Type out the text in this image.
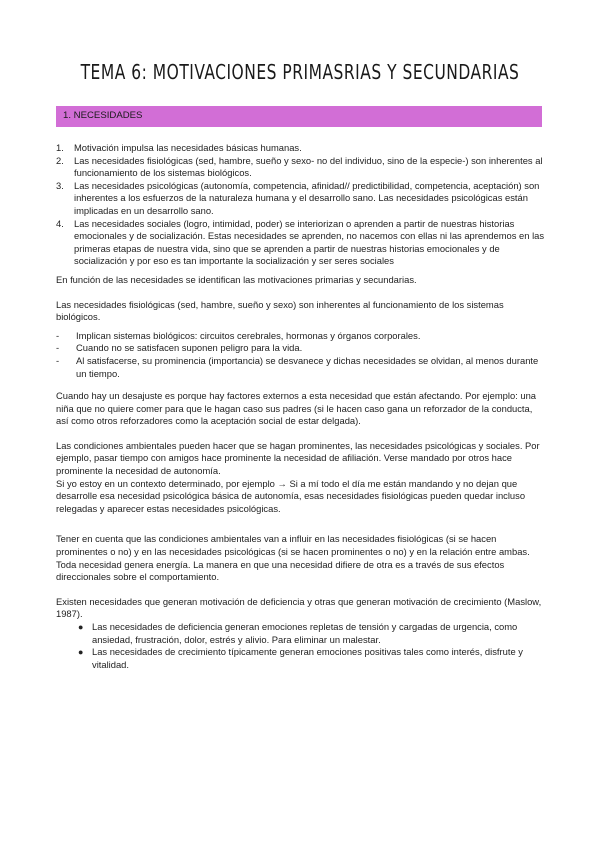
TEMA 6: MOTIVACIONES PRIMASRIAS Y SECUNDARIAS
1. NECESIDADES
1. Motivación impulsa las necesidades básicas humanas.
2. Las necesidades fisiológicas (sed, hambre, sueño y sexo- no del individuo, sino de la especie-) son inherentes al funcionamiento de los sistemas biológicos.
3. Las necesidades psicológicas (autonomía, competencia, afinidad// predictibilidad, competencia, aceptación) son inherentes a los esfuerzos de la naturaleza humana y el desarrollo sano. Las necesidades psicológicas están implicadas en un desarrollo sano.
4. Las necesidades sociales (logro, intimidad, poder) se interiorizan o aprenden a partir de nuestras historias emocionales y de socialización. Estas necesidades se aprenden, no nacemos con ellas ni las aprendemos en las primeras etapas de nuestra vida, sino que se aprenden a partir de nuestras historias emocionales y de socialización y por eso es tan importante la socialización y ser seres sociales

En función de las necesidades se identifican las motivaciones primarias y secundarias.

Las necesidades fisiológicas (sed, hambre, sueño y sexo) son inherentes al funcionamiento de los sistemas biológicos.

- Implican sistemas biológicos: circuitos cerebrales, hormonas y órganos corporales.
- Cuando no se satisfacen suponen peligro para la vida.
- Al satisfacerse, su prominencia (importancia) se desvanece y dichas necesidades se olvidan, al menos durante un tiempo.

Cuando hay un desajuste es porque hay factores externos a esta necesidad que están afectando. Por ejemplo: una niña que no quiere comer para que le hagan caso sus padres (si le hacen caso gana un reforzador de la conducta, así como otros reforzadores como la aceptación social de estar delgada).

Las condiciones ambientales pueden hacer que se hagan prominentes, las necesidades psicológicas y sociales. Por ejemplo, pasar tiempo con amigos hace prominente la necesidad de afiliación. Verse mandado por otros hace prominente la necesidad de autonomía.

Si yo estoy en un contexto determinado, por ejemplo → Si a mí todo el día me están mandando y no dejan que desarrolle esa necesidad psicológica básica de autonomía, esas necesidades fisiológicas pueden quedar incluso relegadas y aparecer estas necesidades psicológicas.

Tener en cuenta que las condiciones ambientales van a influir en las necesidades fisiológicas (si se hacen prominentes o no) y en las necesidades psicológicas (si se hacen prominentes o no) y en la relación entre ambas.

Toda necesidad genera energía. La manera en que una necesidad difiere de otra es a través de sus efectos direccionales sobre el comportamiento.

Existen necesidades que generan motivación de deficiencia y otras que generan motivación de crecimiento (Maslow, 1987).

● Las necesidades de deficiencia generan emociones repletas de tensión y cargadas de urgencia, como ansiedad, frustración, dolor, estrés y alivio. Para eliminar un malestar.
● Las necesidades de crecimiento típicamente generan emociones positivas tales como interés, disfrute y vitalidad.
